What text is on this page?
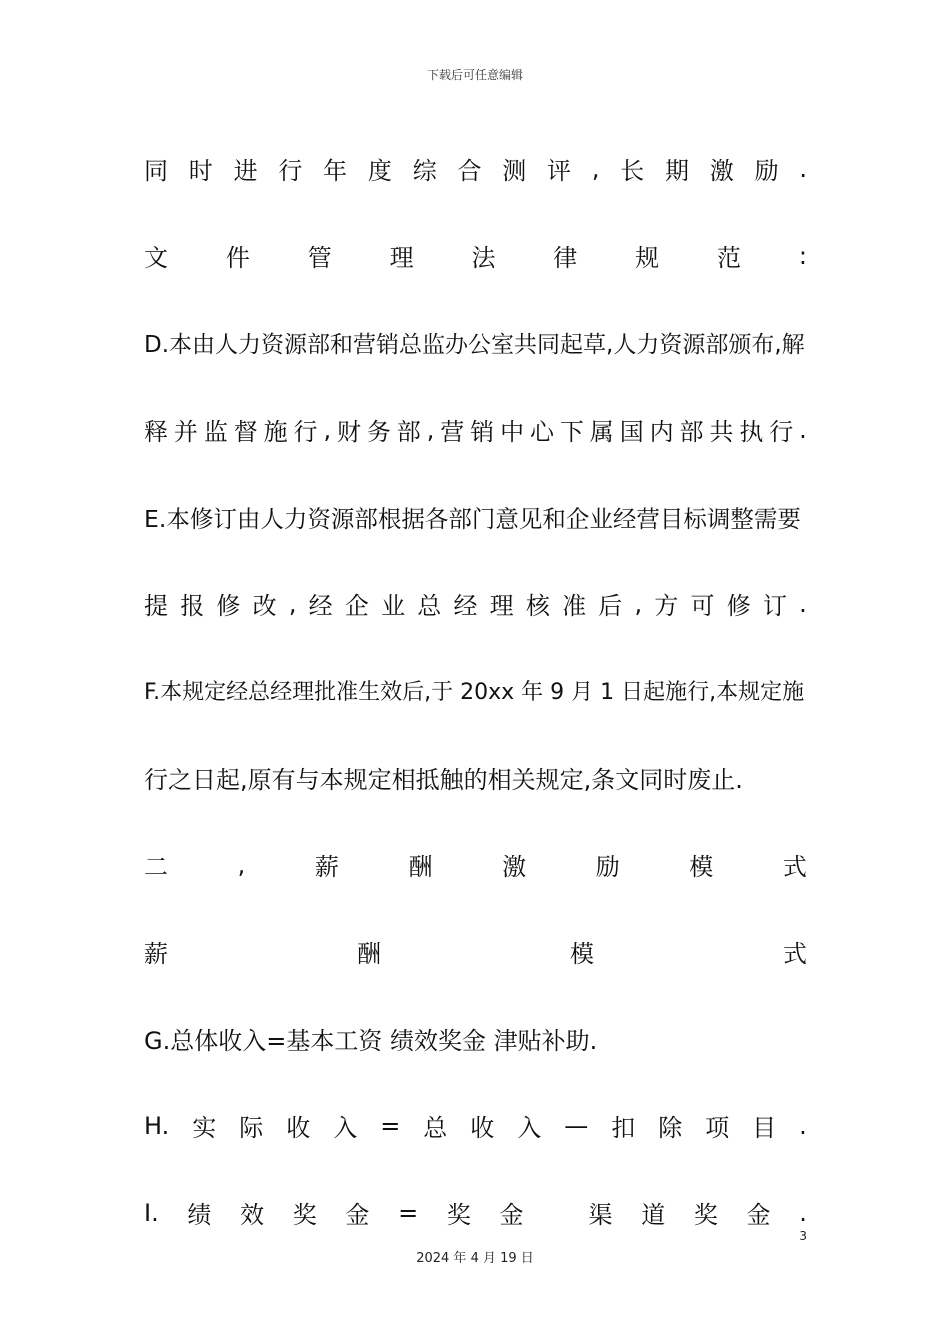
下载后可任意编辑
同 时 进 行 年 度 综 合 测 评 , 长 期 激 励 .
文 件 管 理 法 律 规 范 :
D.本由人力资源部和营销总监办公室共同起草,人力资源部颁布,解
释 并 监 督 施 行 , 财 务 部 , 营 销 中 心 下 属 国 内 部 共 执 行 .
E.本修订由人力资源部根据各部门意见和企业经营目标调整需要
提 报 修 改 , 经 企 业 总 经 理 核 准 后 , 方 可 修 订 .
F.本规定经总经理批准生效后,于 20xx 年 9 月 1 日起施行,本规定施
行之日起,原有与本规定相抵触的相关规定,条文同时废止.
二	,	薪	酬	激	励	模	式
薪	酬	模	式
G.总体收入=基本工资 绩效奖金 津贴补助.
H. 实 际 收 入 = 总 收 入 — 扣 除 项 目 .
I. 绩 效 奖 金 = 奖 金
	渠 道 奖 金 .
3
2024 年 4 月 19 日
